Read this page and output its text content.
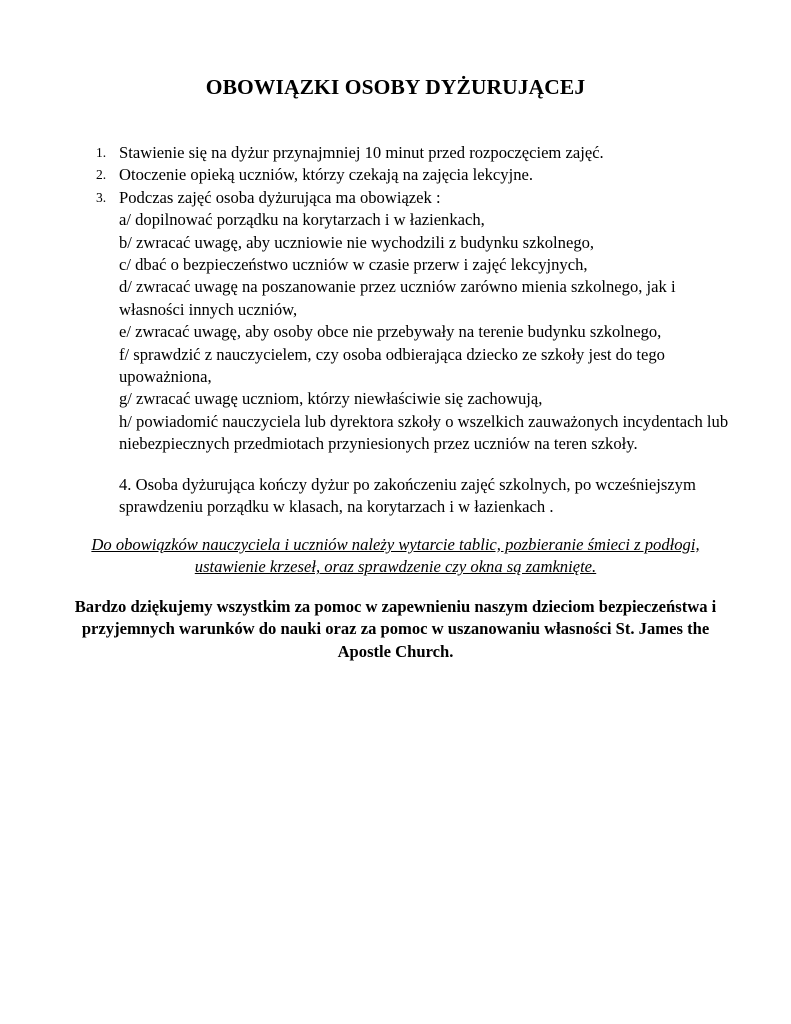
OBOWIĄZKI OSOBY DYŻURUJĄCEJ
1. Stawienie się na dyżur przynajmniej 10 minut przed rozpoczęciem zajęć.
2. Otoczenie opieką uczniów, którzy czekają na zajęcia lekcyjne.
3. Podczas zajęć osoba dyżurująca ma obowiązek :
a/ dopilnować porządku na korytarzach i w łazienkach,
b/ zwracać uwagę, aby uczniowie nie wychodzili z budynku szkolnego,
c/ dbać o bezpieczeństwo uczniów w czasie przerw i zajęć lekcyjnych,
d/ zwracać uwagę na poszanowanie przez uczniów zarówno mienia szkolnego, jak i własności innych uczniów,
e/ zwracać uwagę, aby osoby obce nie przebywały na terenie budynku szkolnego,
f/ sprawdzić z nauczycielem, czy osoba odbierająca dziecko ze szkoły jest do tego upoważniona,
g/ zwracać uwagę uczniom, którzy niewłaściwie się zachowują,
h/ powiadomić nauczyciela lub dyrektora szkoły o wszelkich zauważonych incydentach lub niebezpiecznych przedmiotach przyniesionych przez uczniów na teren szkoły.
4. Osoba dyżurująca kończy dyżur po zakończeniu zajęć szkolnych, po wcześniejszym sprawdzeniu porządku w klasach, na korytarzach i w łazienkach .
Do obowiązków nauczyciela i uczniów należy wytarcie tablic, pozbieranie śmieci z podłogi, ustawienie krzeseł, oraz sprawdzenie czy okna są zamknięte.
Bardzo dziękujemy wszystkim za pomoc w zapewnieniu naszym dzieciom bezpieczeństwa i przyjemnych warunków do nauki oraz za pomoc w uszanowaniu własności St. James the Apostle Church.
